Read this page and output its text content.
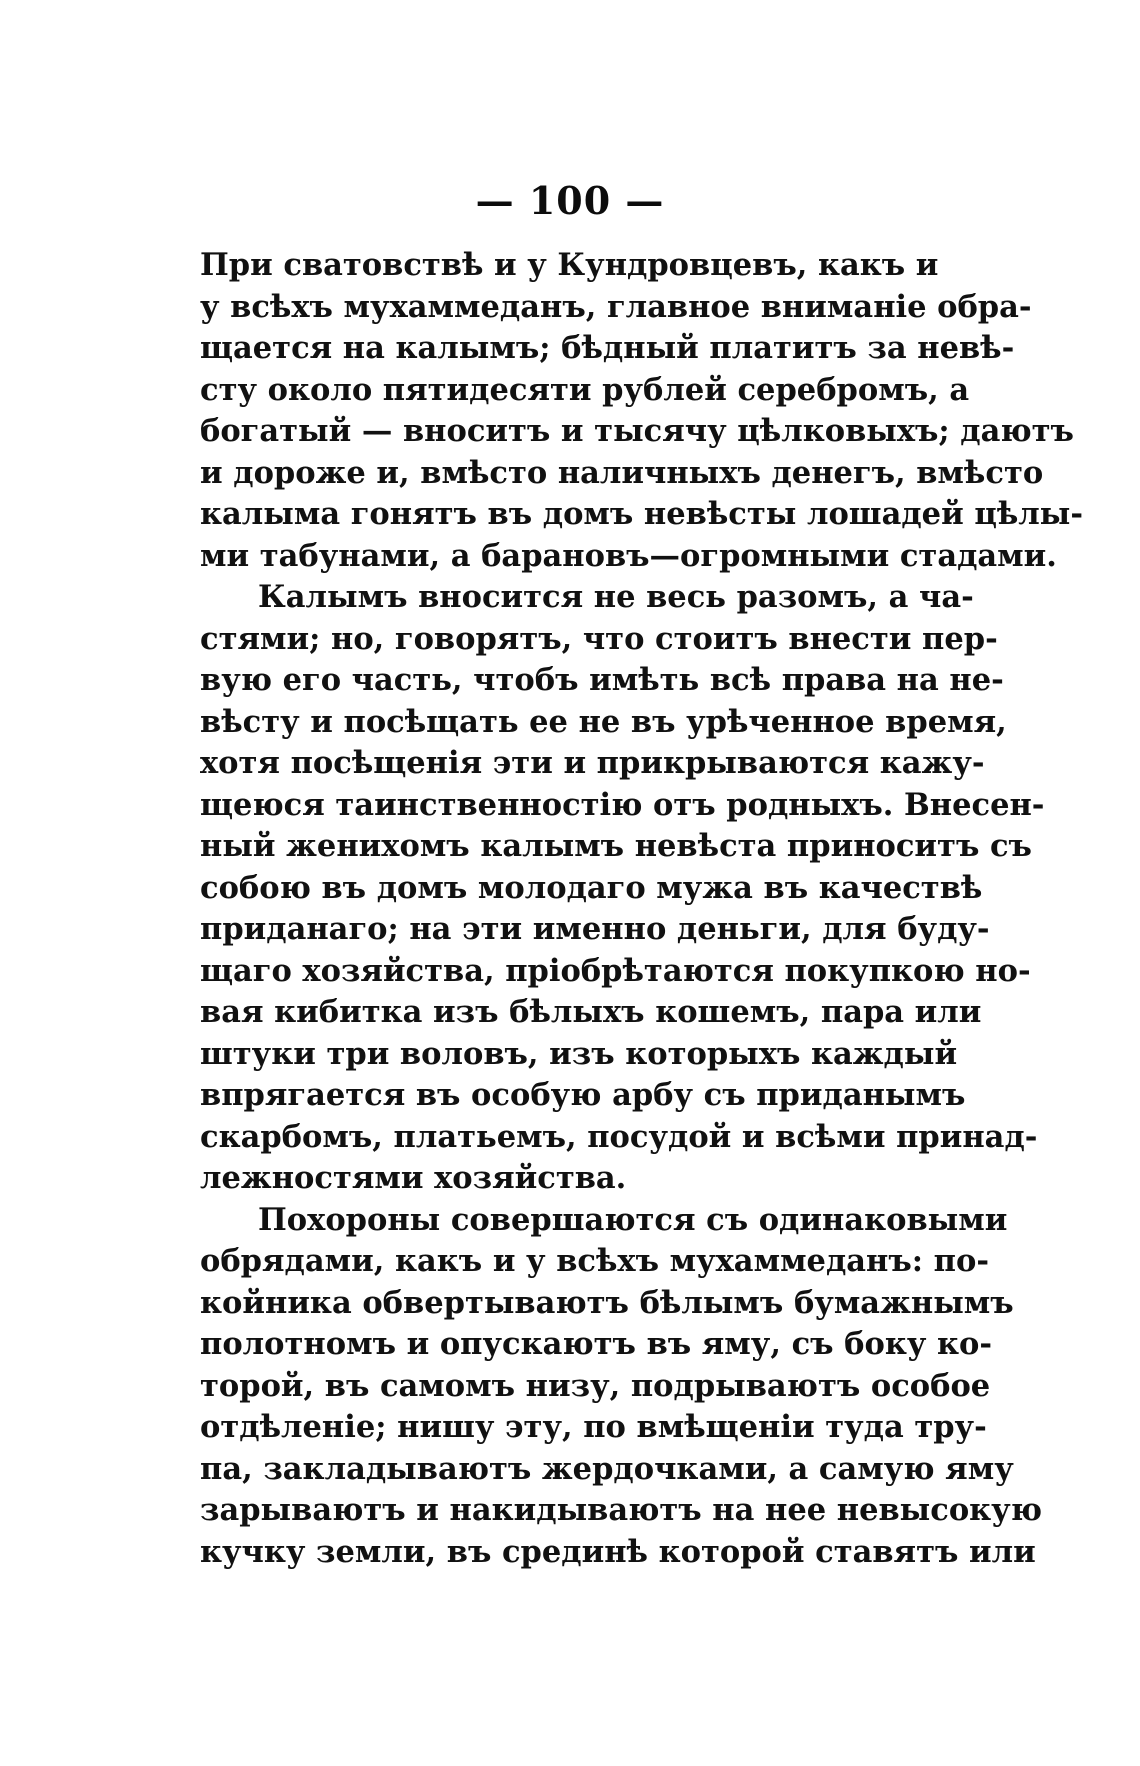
— 100 —
При сватовствѣ и у Кундровцевъ, какъ и
у всѣхъ мухаммеданъ, главное вниманіе обра-
щается на калымъ; бѣдный платитъ за невѣ-
сту около пятидесяти рублей серебромъ, а
богатый — вноситъ и тысячу цѣлковыхъ; даютъ
и дороже и, вмѣсто наличныхъ денегъ, вмѣсто
калыма гонятъ въ домъ невѣсты лошадей цѣлы-
ми табунами, а барановъ—огромными стадами.
Калымъ вносится не весь разомъ, а ча-
стями; но, говорятъ, что стоитъ внести пер-
вую его часть, чтобъ имѣть всѣ права на не-
вѣсту и посѣщать ее не въ урѣченное время,
хотя посѣщенія эти и прикрываются кажу-
щеюся таинственностію отъ родныхъ. Внесен-
ный женихомъ калымъ невѣста приноситъ съ
собою въ домъ молодаго мужа въ качествѣ
приданаго; на эти именно деньги, для буду-
щаго хозяйства, пріобрѣтаются покупкою но-
вая кибитка изъ бѣлыхъ кошемъ, пара или
штуки три воловъ, изъ которыхъ каждый
впрягается въ особую арбу съ приданымъ
скарбомъ, платьемъ, посудой и всѣми принад-
лежностями хозяйства.
Похороны совершаются съ одинаковыми
обрядами, какъ и у всѣхъ мухаммеданъ: по-
койника обвертываютъ бѣлымъ бумажнымъ
полотномъ и опускаютъ въ яму, съ боку ко-
торой, въ самомъ низу, подрываютъ особое
отдѣленіе; нишу эту, по вмѣщеніи туда тру-
па, закладываютъ жердочками, а самую яму
зарываютъ и накидываютъ на нее невысокую
кучку земли, въ срединѣ которой ставятъ или
